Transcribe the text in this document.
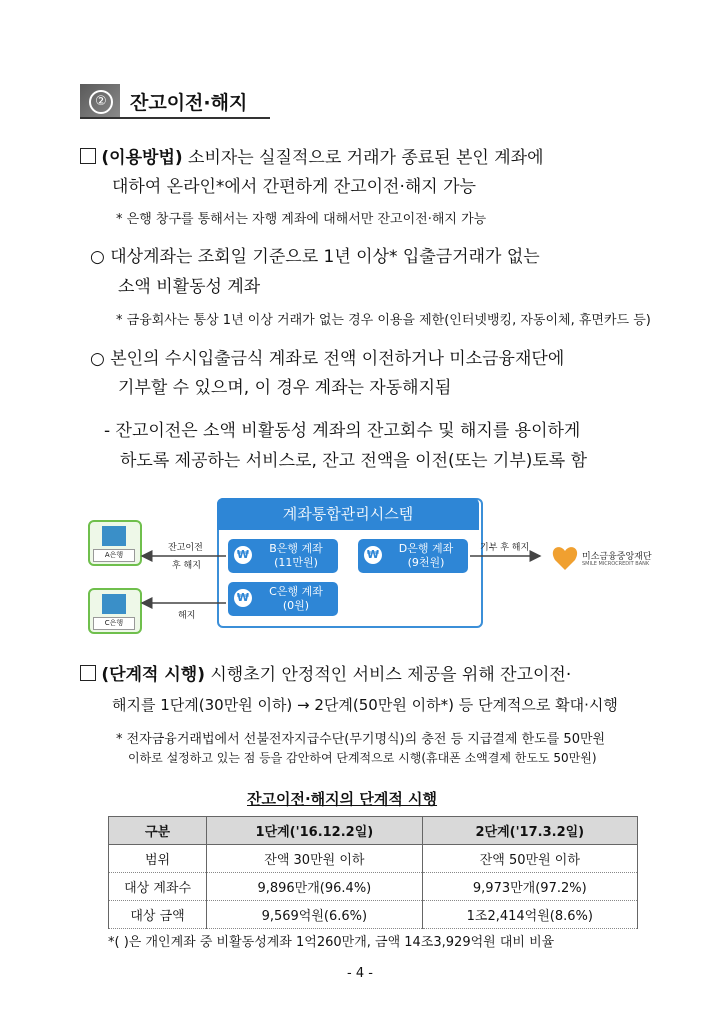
②	잔고이전·해지
(이용방법) 소비자는 실질적으로 거래가 종료된 본인 계좌에
대하여 온라인*에서 간편하게 잔고이전·해지 가능
* 은행 창구를 통해서는 자행 계좌에 대해서만 잔고이전·해지 가능
○ 대상계좌는 조회일 기준으로 1년 이상* 입출금거래가 없는
소액 비활동성 계좌
* 금융회사는 통상 1년 이상 거래가 없는 경우 이용을 제한(인터넷뱅킹, 자동이체, 휴면카드 등)
○ 본인의 수시입출금식 계좌로 전액 이전하거나 미소금융재단에
기부할 수 있으며, 이 경우 계좌는 자동해지됨
- 잔고이전은 소액 비활동성 계좌의 잔고회수 및 해지를 용이하게
하도록 제공하는 서비스로, 잔고 전액을 이전(또는 기부)토록 함
계좌통합관리시스템
A은행
C은행
₩	B은행 계좌
(11만원)
₩	D은행 계좌
(9천원)
₩	C은행 계좌
(0원)
잔고이전
후 해지
해지
기부 후 해지
미소금융중앙재단
SMILE MICROCREDIT BANK
(단계적 시행) 시행초기 안정적인 서비스 제공을 위해 잔고이전·
해지를 1단계(30만원 이하) → 2단계(50만원 이하*) 등 단계적으로 확대·시행
* 전자금융거래법에서 선불전자지급수단(무기명식)의 충전 등 지급결제 한도를 50만원
이하로 설정하고 있는 점 등을 감안하여 단계적으로 시행(휴대폰 소액결제 한도도 50만원)
잔고이전·해지의 단계적 시행
구분	1단계('16.12.2일)	2단계('17.3.2일)
범위	잔액 30만원 이하	잔액 50만원 이하
대상 계좌수	9,896만개(96.4%)	9,973만개(97.2%)
대상 금액	9,569억원(6.6%)	1조2,414억원(8.6%)
*( )은 개인계좌 중 비활동성계좌 1억260만개, 금액 14조3,929억원 대비 비율
- 4 -
